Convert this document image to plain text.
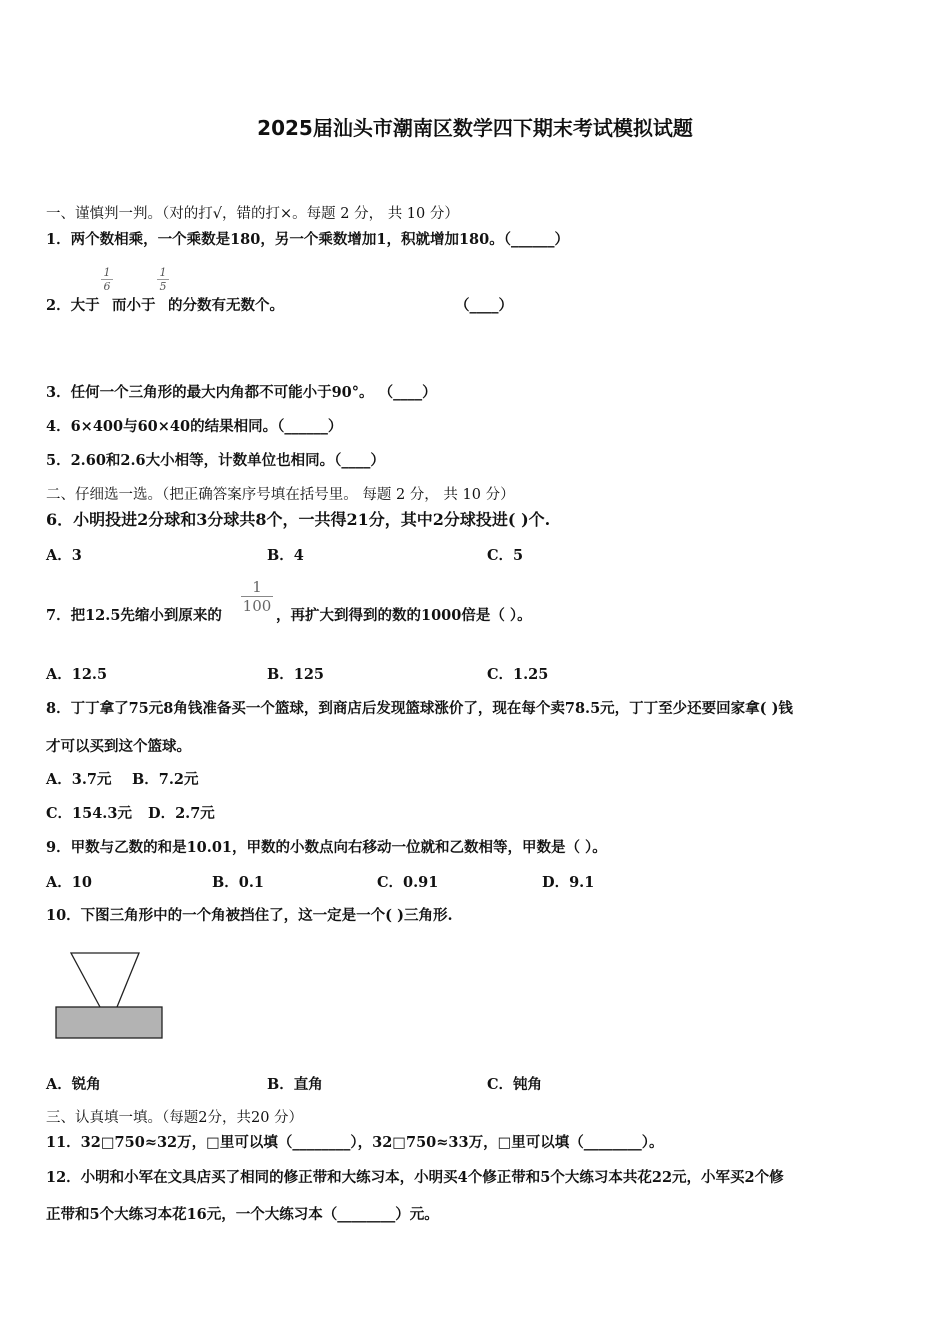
2025届汕头市潮南区数学四下期末考试模拟试题
一、谨慎判一判。（对的打√，错的打×。每题 2 分， 共 10 分）
1．两个数相乘，一个乘数是180，另一个乘数增加1，积就增加180。（______）
2．大于
$\frac{1}{6}$
而小于
$\frac{1}{5}$
的分数有无数个。	（____）
3．任何一个三角形的最大内角都不可能小于90°。 （____）
4．6×400与60×40的结果相同。（______）
5．2.60和2.6大小相等，计数单位也相同。（____）
二、仔细选一选。（把正确答案序号填在括号里。 每题 2 分， 共 10 分）
6．小明投进2分球和3分球共8个，一共得21分，其中2分球投进( )个.
A．3	B．4	C．5
7．把12.5先缩小到原来的
$\frac{1}{100}$
，再扩大到得到的数的1000倍是（ ）。
A．12.5	B．125	C．1.25
8．丁丁拿了75元8角钱准备买一个篮球，到商店后发现篮球涨价了，现在每个卖78.5元，丁丁至少还要回家拿( )钱
才可以买到这个篮球。
A．3.7元 B．7.2元
C．154.3元 D．2.7元
9．甲数与乙数的和是10.01，甲数的小数点向右移动一位就和乙数相等，甲数是（ ）。
A．10	B．0.1	C．0.91	D．9.1
10．下图三角形中的一个角被挡住了，这一定是一个( )三角形.
A．锐角	B．直角	C．钝角
三、认真填一填。（每题2分，共20 分）
11．32□750≈32万，□里可以填（________），32□750≈33万，□里可以填（________）。
12．小明和小军在文具店买了相同的修正带和大练习本，小明买4个修正带和5个大练习本共花22元，小军买2个修
正带和5个大练习本花16元，一个大练习本（________）元。
